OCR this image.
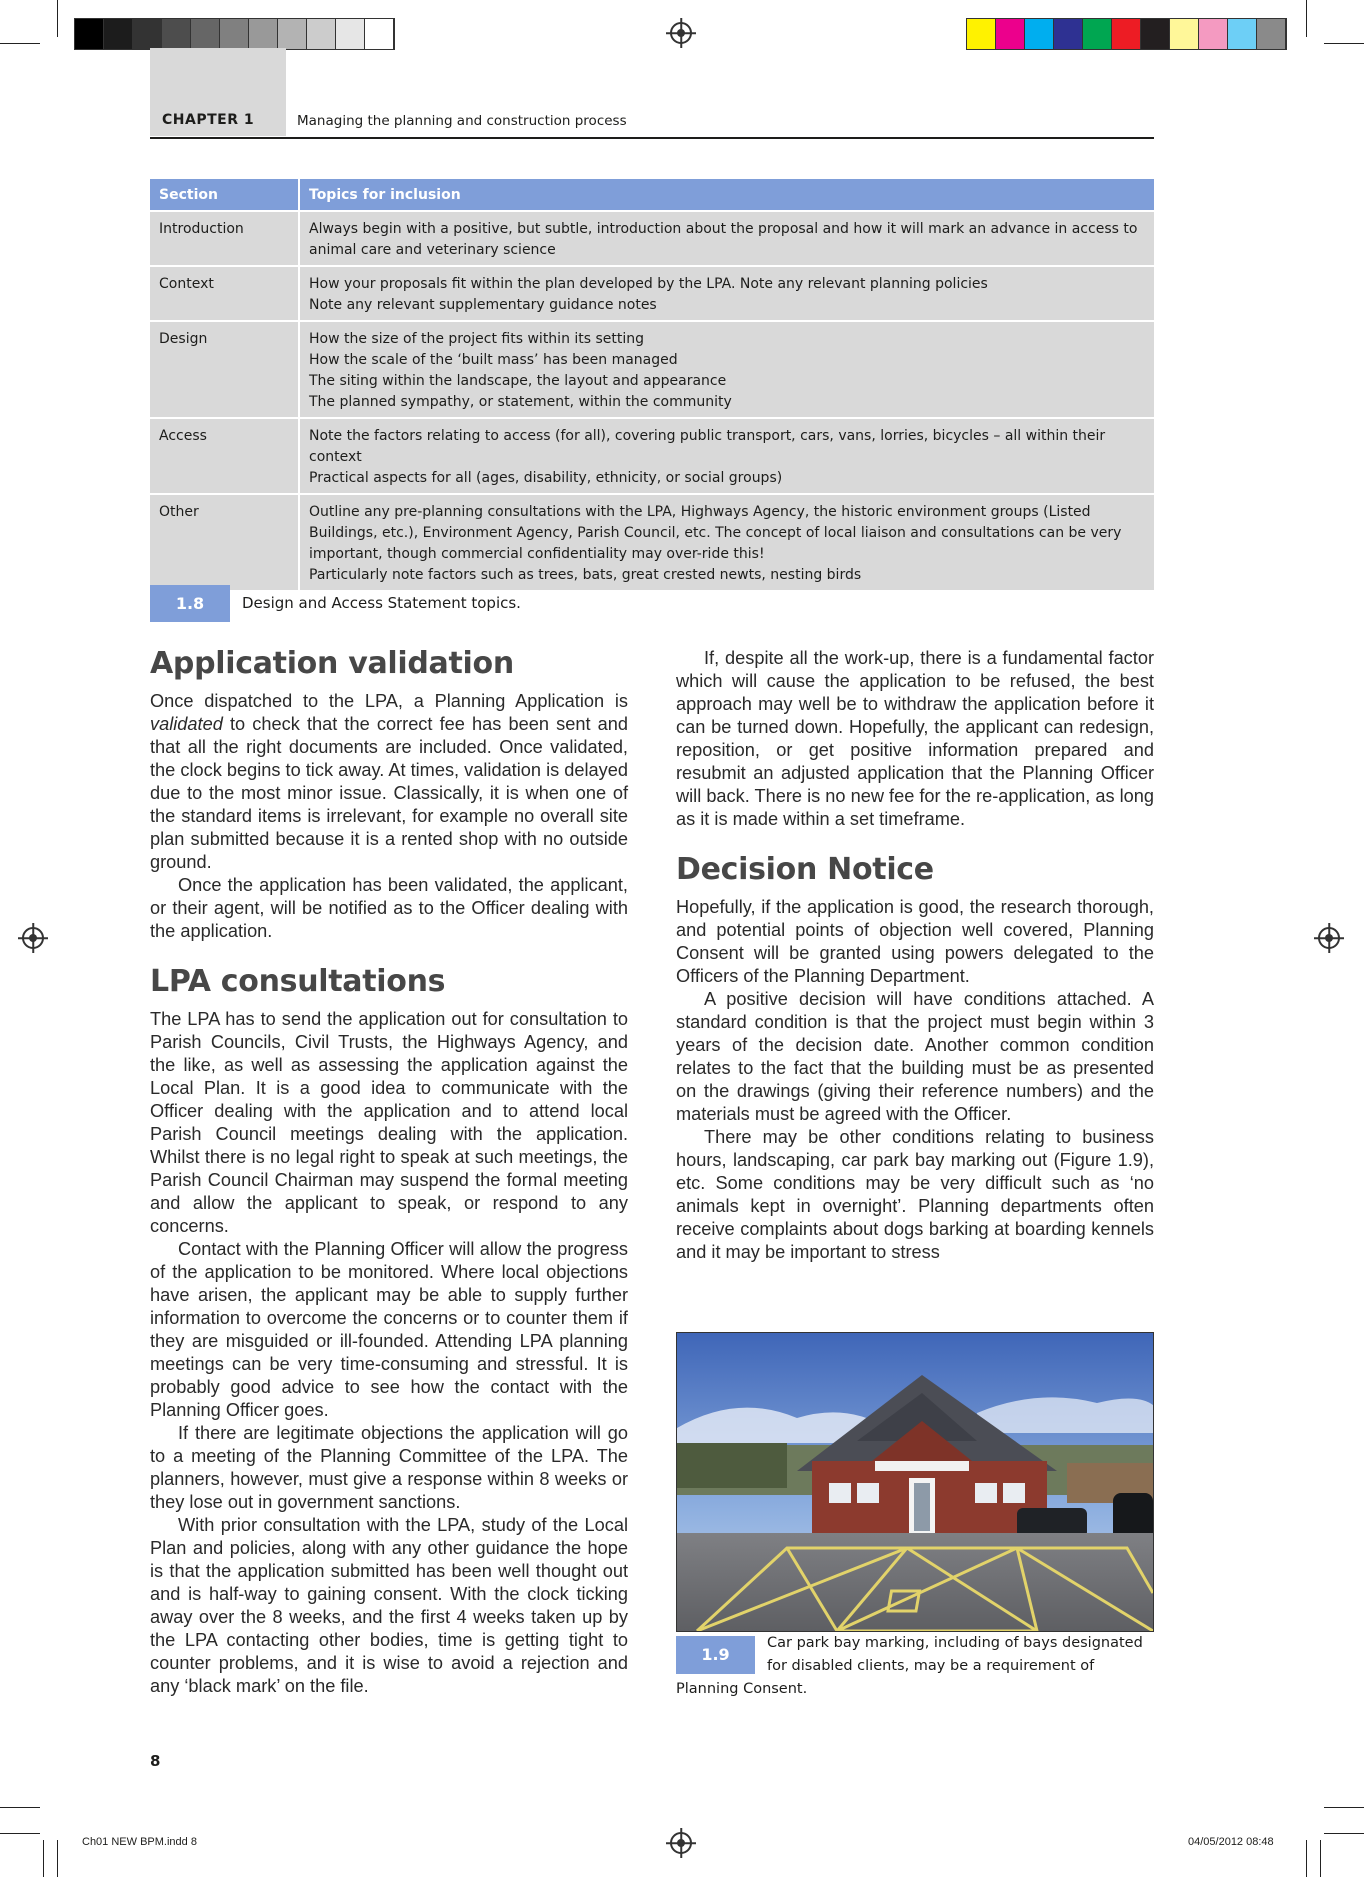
CHAPTER 1	Managing the planning and construction process
Section	Topics for inclusion
Introduction	Always begin with a positive, but subtle, introduction about the proposal and how it will mark an advance in access to
animal care and veterinary science

Context	How your proposals fit within the plan developed by the LPA. Note any relevant planning policies
Note any relevant supplementary guidance notes

Design	How the size of the project fits within its setting
How the scale of the ‘built mass’ has been managed
The siting within the landscape, the layout and appearance
The planned sympathy, or statement, within the community

Access	Note the factors relating to access (for all), covering public transport, cars, vans, lorries, bicycles – all within their
context
Practical aspects for all (ages, disability, ethnicity, or social groups)

Other	Outline any pre-planning consultations with the LPA, Highways Agency, the historic environment groups (Listed
Buildings, etc.), Environment Agency, Parish Council, etc. The concept of local liaison and consultations can be very
important, though commercial confidentiality may over-ride this!
Particularly note factors such as trees, bats, great crested newts, nesting birds
1.8	Design and Access Statement topics.
Application validation

Once dispatched to the LPA, a Planning Application is validated to check that the correct fee has been sent and that all the right documents are included. Once validated, the clock begins to tick away. At times, validation is delayed due to the most minor issue. Classically, it is when one of the standard items is irrelevant, for example no overall site plan submitted because it is a rented shop with no outside ground.

Once the application has been validated, the applicant, or their agent, will be notified as to the Officer dealing with the application.

LPA consultations

The LPA has to send the application out for consultation to Parish Councils, Civil Trusts, the Highways Agency, and the like, as well as assessing the application against the Local Plan. It is a good idea to communicate with the Officer dealing with the application and to attend local Parish Council meetings dealing with the application. Whilst there is no legal right to speak at such meetings, the Parish Council Chairman may suspend the formal meeting and allow the applicant to speak, or respond to any concerns.

Contact with the Planning Officer will allow the progress of the application to be monitored. Where local objections have arisen, the applicant may be able to supply further information to overcome the concerns or to counter them if they are misguided or ill-founded. Attending LPA planning meetings can be very time-consuming and stressful. It is probably good advice to see how the contact with the Planning Officer goes.

If there are legitimate objections the application will go to a meeting of the Planning Committee of the LPA. The planners, however, must give a response within 8 weeks or they lose out in government sanctions.

With prior consultation with the LPA, study of the Local Plan and policies, along with any other guidance the hope is that the application submitted has been well thought out and is half-way to gaining consent. With the clock ticking away over the 8 weeks, and the first 4 weeks taken up by the LPA contacting other bodies, time is getting tight to counter problems, and it is wise to avoid a rejection and any ‘black mark’ on the file.

If, despite all the work-up, there is a fundamental factor which will cause the application to be refused, the best approach may well be to withdraw the application before it can be turned down. Hopefully, the applicant can redesign, reposition, or get positive information prepared and resubmit an adjusted application that the Planning Officer will back. There is no new fee for the re-application, as long as it is made within a set timeframe.

Decision Notice

Hopefully, if the application is good, the research thorough, and potential points of objection well covered, Planning Consent will be granted using powers delegated to the Officers of the Planning Department.

A positive decision will have conditions attached. A standard condition is that the project must begin within 3 years of the decision date. Another common condition relates to the fact that the building must be as presented on the drawings (giving their reference numbers) and the materials must be agreed with the Officer.

There may be other conditions relating to business hours, landscaping, car park bay marking out (Figure 1.9), etc. Some conditions may be very difficult such as ‘no animals kept in overnight’. Planning departments often receive complaints about dogs barking at boarding kennels and it may be important to stress

1.9
Car park bay marking, including of bays designated for disabled clients, may be a requirement of Planning Consent.
8
Ch01 NEW BPM.indd 8	04/05/2012 08:48
